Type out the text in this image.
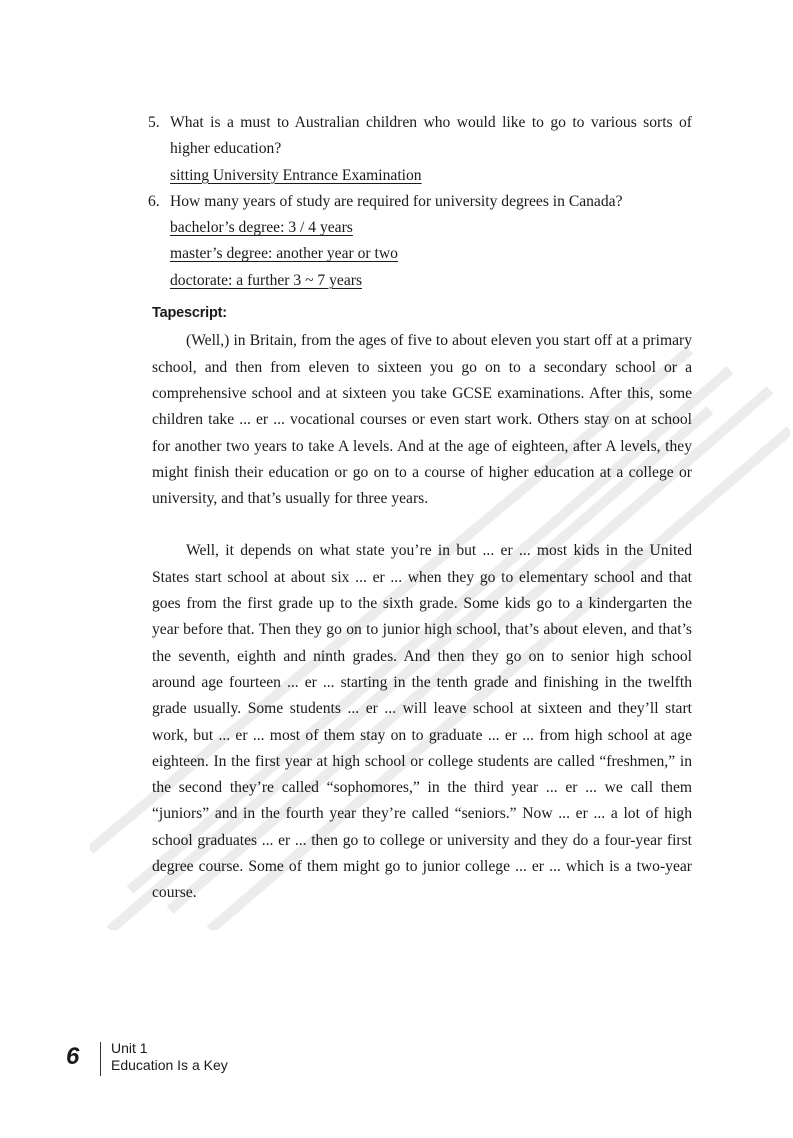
5. What is a must to Australian children who would like to go to various sorts of higher education?
sitting University Entrance Examination
6. How many years of study are required for university degrees in Canada?
bachelor’s degree: 3 / 4 years
master’s degree: another year or two
doctorate: a further 3 ~ 7 years
Tapescript:

(Well,) in Britain, from the ages of five to about eleven you start off at a primary school, and then from eleven to sixteen you go on to a secondary school or a comprehensive school and at sixteen you take GCSE examinations. After this, some children take ... er ... vocational courses or even start work. Others stay on at school for another two years to take A levels. And at the age of eighteen, after A levels, they might finish their education or go on to a course of higher education at a college or university, and that’s usually for three years.

Well, it depends on what state you’re in but ... er ... most kids in the United States start school at about six ... er ... when they go to elementary school and that goes from the first grade up to the sixth grade. Some kids go to a kindergarten the year before that. Then they go on to junior high school, that’s about eleven, and that’s the seventh, eighth and ninth grades. And then they go on to senior high school around age fourteen ... er ... starting in the tenth grade and finishing in the twelfth grade usually. Some students ... er ... will leave school at sixteen and they’ll start work, but ... er ... most of them stay on to graduate ... er ... from high school at age eighteen. In the first year at high school or college students are called “freshmen,” in the second they’re called “sophomores,” in the third year ... er ... we call them “juniors” and in the fourth year they’re called “seniors.” Now ... er ... a lot of high school graduates ... er ... then go to college or university and they do a four-year first degree course. Some of them might go to junior college ... er ... which is a two-year course.

6	Unit 1
Education Is a Key
